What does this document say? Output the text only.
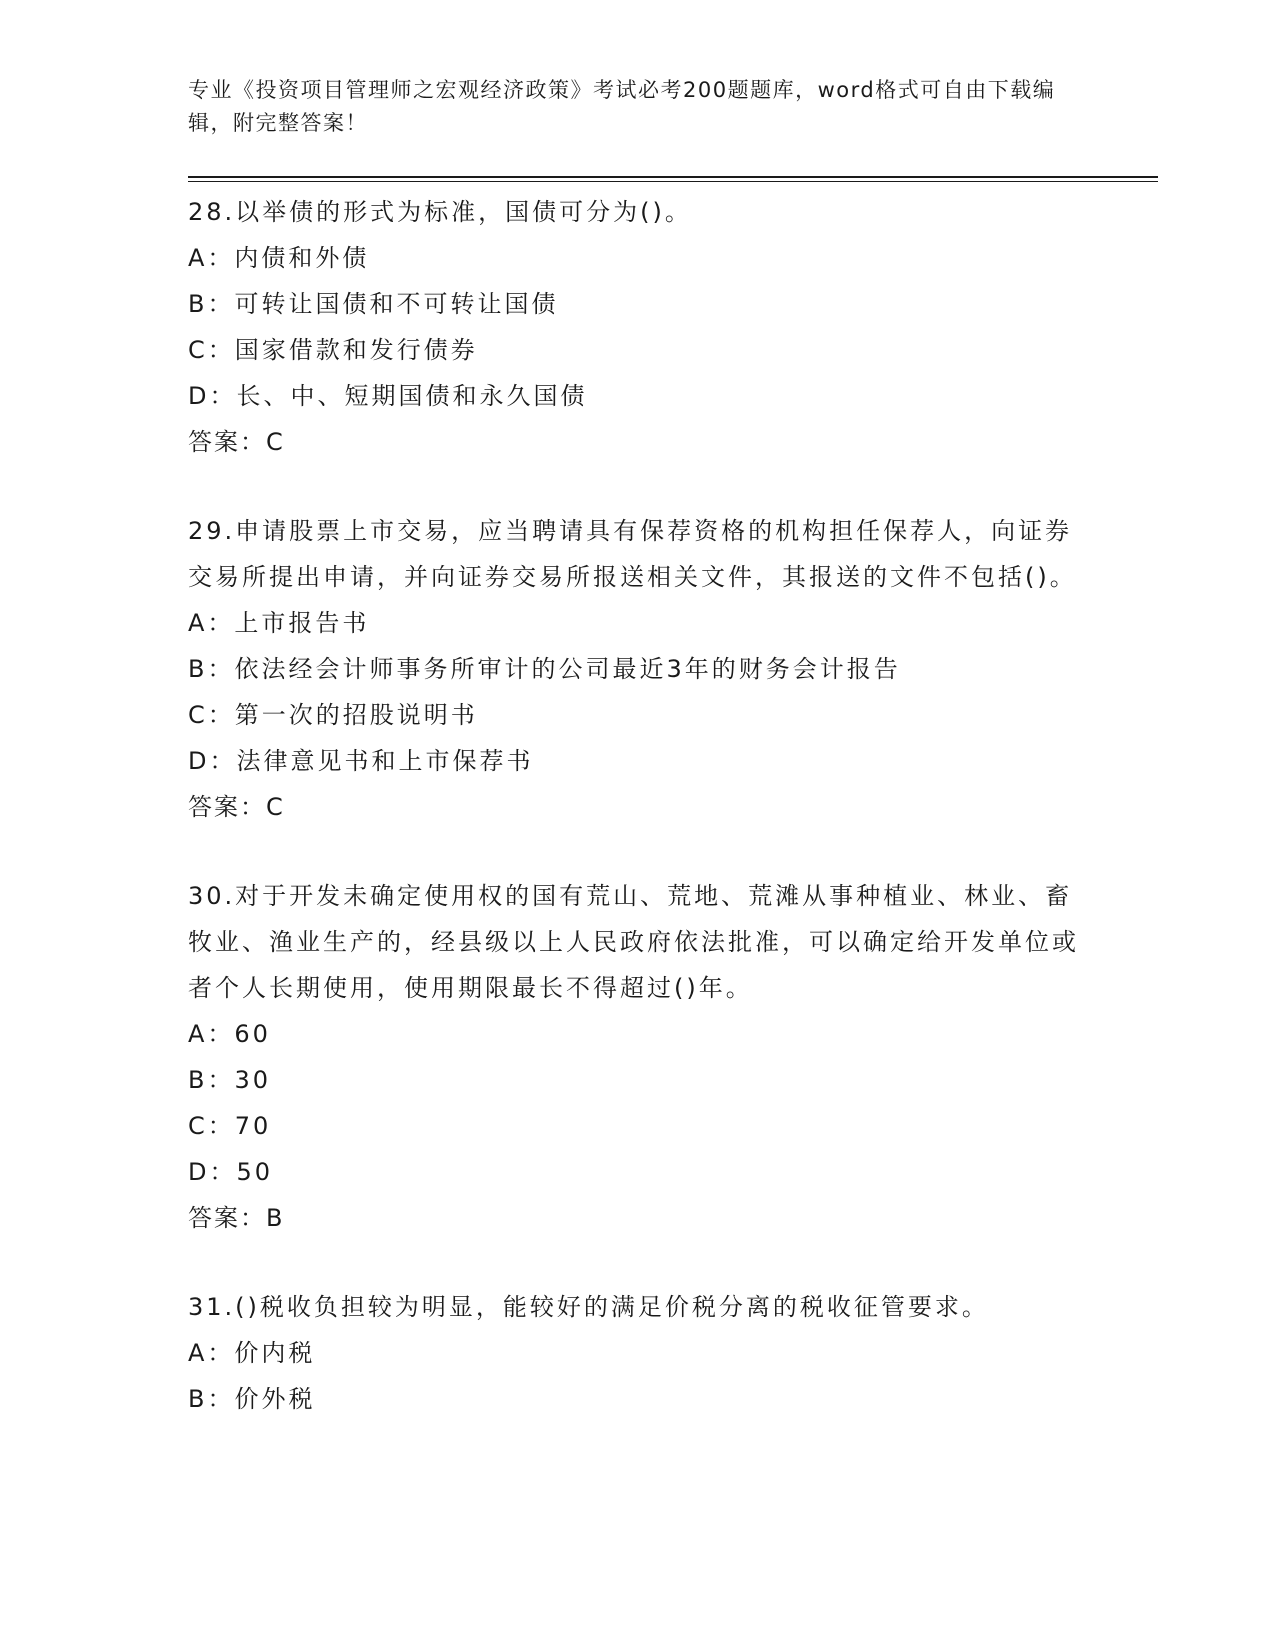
专业《投资项目管理师之宏观经济政策》考试必考200题题库，word格式可自由下载编辑，附完整答案！
28.以举债的形式为标准，国债可分为()。
A：内债和外债
B：可转让国债和不可转让国债
C：国家借款和发行债券
D：长、中、短期国债和永久国债
答案：C
29.申请股票上市交易，应当聘请具有保荐资格的机构担任保荐人，向证券交易所提出申请，并向证券交易所报送相关文件，其报送的文件不包括()。
A：上市报告书
B：依法经会计师事务所审计的公司最近3年的财务会计报告
C：第一次的招股说明书
D：法律意见书和上市保荐书
答案：C
30.对于开发未确定使用权的国有荒山、荒地、荒滩从事种植业、林业、畜牧业、渔业生产的，经县级以上人民政府依法批准，可以确定给开发单位或者个人长期使用，使用期限最长不得超过()年。
A：60
B：30
C：70
D：50
答案：B
31.()税收负担较为明显，能较好的满足价税分离的税收征管要求。
A：价内税
B：价外税
